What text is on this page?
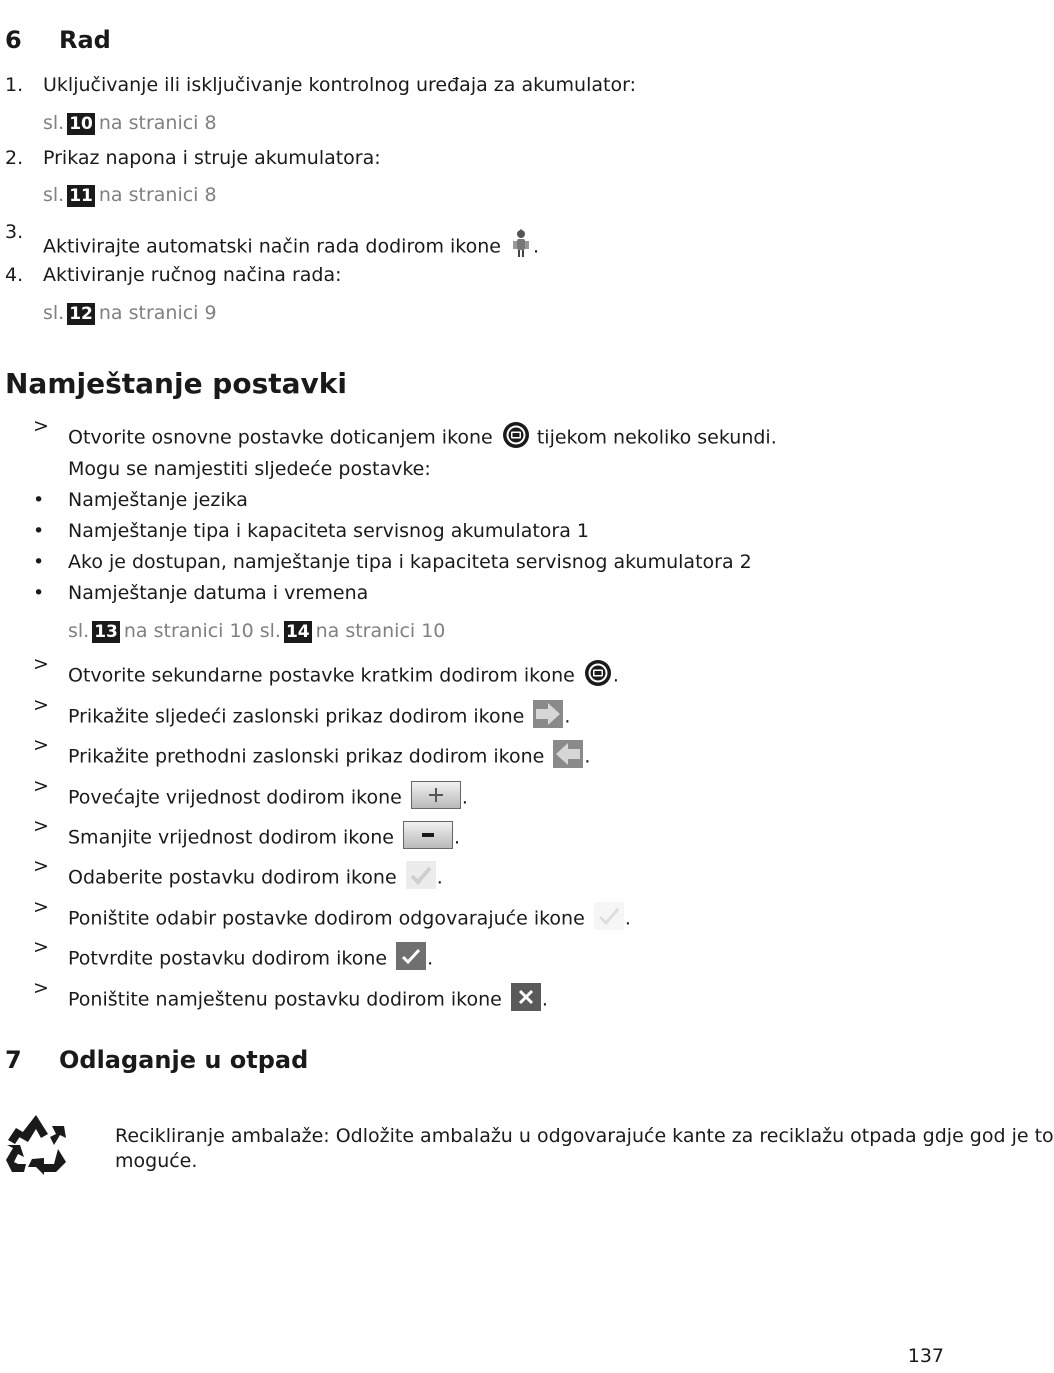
6 Rad
1. Uključivanje ili isključivanje kontrolnog uređaja za akumulator:
sl. 10 na stranici 8
2. Prikaz napona i struje akumulatora:
sl. 11 na stranici 8
3.
Aktivirajte automatski način rada dodirom ikone .
4. Aktiviranje ručnog načina rada:
sl. 12 na stranici 9
Namještanje postavki
>
Otvorite osnovne postavke doticanjem ikone tijekom nekoliko sekundi.
Mogu se namjestiti sljedeće postavke:
• Namještanje jezika
• Namještanje tipa i kapaciteta servisnog akumulatora 1
• Ako je dostupan, namještanje tipa i kapaciteta servisnog akumulatora 2
• Namještanje datuma i vremena
sl. 13 na stranici 10 sl. 14 na stranici 10
>
Otvorite sekundarne postavke kratkim dodirom ikone .
>
Prikažite sljedeći zaslonski prikaz dodirom ikone .
>
Prikažite prethodni zaslonski prikaz dodirom ikone .
>
Povećajte vrijednost dodirom ikone	.
>
Smanjite vrijednost dodirom ikone	.
>
Odaberite postavku dodirom ikone .
>
Poništite odabir postavke dodirom odgovarajuće ikone .
>
Potvrdite postavku dodirom ikone .
>
Poništite namještenu postavku dodirom ikone .
7 Odlaganje u otpad
Recikliranje ambalaže: Odložite ambalažu u odgovarajuće kante za reciklažu otpada gdje god je to
moguće.
137
